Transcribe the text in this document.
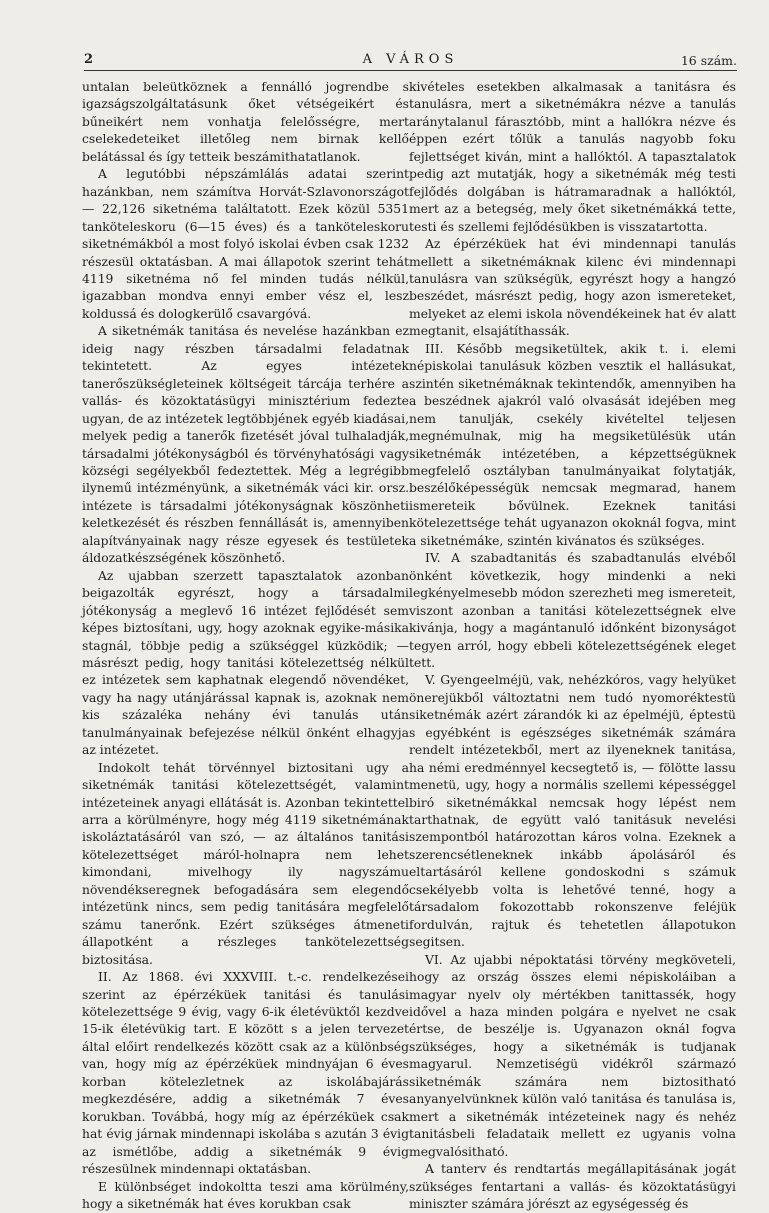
2	A VÁROS	16 szám.

untalan beleütköznek a fennálló jogrendbe s igazságszolgáltatásunk őket vétségeikért és bűneikért nem vonhatja felelősségre, mert cselekedeteiket illetőleg nem birnak kellő belátással és így tetteik beszámithatatlanok.

A legutóbbi népszámlálás adatai szerint hazánkban, nem számítva Horvát-Szlavonországot — 22,126 siketnéma találtatott. Ezek közül 5351 tanköteleskoru (6—15 éves) és a tanköteleskoru siketnémákból a most folyó iskolai évben csak 1232 részesül oktatásban. A mai állapotok szerint tehát 4119 siketnéma nő fel minden tudás nélkül, igazabban mondva ennyi ember vész el, lesz koldussá és dologkerülő csavargóvá.

A siketnémák tanitása és nevelése hazánkban ez ideig nagy részben társadalmi feladatnak tekintetett. Az egyes intézetek tanerőszükségleteinek költségeit tárcája terhére a vallás- és közoktatásügyi minisztérium fedezte ugyan, de az intézetek legtöbbjének egyéb kiadásai, melyek pedig a tanerők fizetését jóval tulhaladják, társadalmi jótékonyságból és törvényhatósági vagy községi segélyekből fedeztettek. Még a legrégibb ilynemű intézményünk, a siketnémák váci kir. orsz. intézete is társadalmi jótékonyságnak köszönheti keletkezését és részben fennállását is, amennyiben alapítványainak nagy része egyesek és testületek áldozatkészségének köszönhető.

Az ujabban szerzett tapasztalatok azonban beigazolták egyrészt, hogy a társadalmi jótékonyság a meglevő 16 intézet fejlődését sem képes biztosítani, ugy, hogy azoknak egyike-másika stagnál, többje pedig a szükséggel küzködik; — másrészt pedig, hogy tanitási kötelezettség nélkül ez intézetek sem kaphatnak elegendő növendéket, vagy ha nagy utánjárással kapnak is, azoknak nem kis százaléka nehány évi tanulás után tanulmányainak befejezése nélkül önként elhagyja az intézetet.

Indokolt tehát törvénnyel biztositani ugy a siketnémák tanitási kötelezettségét, valamint intézeteinek anyagi ellátását is. Azonban tekintettel arra a körülményre, hogy még 4119 siketnémának iskoláztatásáról van szó, — az általános tanitási kötelezettséget máról-holnapra nem lehet kimondani, mivelhogy ily nagyszámu növendékseregnek befogadására sem elegendő intézetünk nincs, sem pedig tanitására megfelelő számu tanerőnk. Ezért szükséges átmeneti állapotként a részleges tankötelezettség biztositása.

II. Az 1868. évi XXXVIII. t.-c. rendelkezései szerint az épérzéküek tanitási és tanulási kötelezettsége 9 évig, vagy 6-ik életévüktől kezdve 15-ik életévükig tart. E között s a jelen tervezet által előirt rendelkezés között csak az a különbség van, hogy míg az épérzéküek mindnyájan 6 éves korban kötelezletnek az iskolábajárás megkezdésére, addig a siketnémák 7 éves korukban. Továbbá, hogy míg az épérzéküek csak hat évig járnak mindennapi iskolába s azután 3 évig az ismétlőbe, addig a siketnémák 9 évig részesülnek mindennapi oktatásban.

E különbséget indokoltta teszi ama körülmény, hogy a siketnémák hat éves korukban csak

kivételes esetekben alkalmasak a tanitásra és tanulásra, mert a siketnémákra nézve a tanulás aránytalanul fárasztóbb, mint a hallókra nézve és éppen ezért tőlük a tanulás nagyobb foku fejlettséget kiván, mint a hallóktól. A tapasztalatok pedig azt mutatják, hogy a siketnémák még testi fejlődés dolgában is hátramaradnak a hallóktól, mert az a betegség, mely őket siketnémákká tette, testi és szellemi fejlődésükben is visszatartotta.

Az épérzéküek hat évi mindennapi tanulás mellett a siketnémáknak kilenc évi mindennapi tanulásra van szükségük, egyrészt hogy a hangzó beszédet, másrészt pedig, hogy azon ismereteket, melyeket az elemi iskola növendékeinek hat év alatt megtanit, elsajátíthassák.

III. Később megsiketültek, akik t. i. elemi népiskolai tanulásuk közben vesztik el hallásukat, szintén siketnémáknak tekintendők, amennyiben ha a beszédnek ajakról való olvasását idejében meg nem tanulják, csekély kivételtel teljesen megnémulnak, mig ha megsiketülésük után siketnémák intézetében, a képzettségüknek megfelelő osztályban tanulmányaikat folytatják, beszélőképességük nemcsak megmarad, hanem ismereteik bővülnek. Ezeknek tanitási kötelezettsége tehát ugyanazon okoknál fogva, mint a siketnémáke, szintén kivánatos és szükséges.

IV. A szabadtanitás és szabadtanulás elvéből önként következik, hogy mindenki a neki legkényelmesebb módon szerezheti meg ismereteit, viszont azonban a tanitási kötelezettségnek elve kivánja, hogy a magántanuló időnként bizonyságot tegyen arról, hogy ebbeli kötelezettségének eleget tett.

V. Gyengeelméjü, vak, nehézkóros, vagy helyüket önerejükből változtatni nem tudó nyomoréktestü siketnémák azért zárandók ki az épelméjü, éptestü s egyébként is egészséges siketnémák számára rendelt intézetekből, mert az ilyeneknek tanitása, ha némi eredménnyel kecsegtető is, — fölötte lassu menetü, ugy, hogy a normális szellemi képességgel biró siketnémákkal nemcsak hogy lépést nem tarthatnak, de együtt való tanitásuk nevelési szempontból határozottan káros volna. Ezeknek a szerencsétleneknek inkább ápolásáról és eltartásáról kellene gondoskodni s számuk csekélyebb volta is lehetővé tenné, hogy a társadalom fokozottabb rokonszenve feléjük fordulván, rajtuk és tehetetlen állapotukon segitsen.

VI. Az ujabbi népoktatási törvény megköveteli, hogy az ország összes elemi népiskoláiban a magyar nyelv oly mértékben tanittassék, hogy idővel a haza minden polgára e nyelvet ne csak értse, de beszélje is. Ugyanazon oknál fogva szükséges, hogy a siketnémák is tudjanak magyarul. Nemzetiségü vidékről származó siketnémák számára nem biztositható anyanyelvünknek külön való tanitása és tanulása is, mert a siketnémák intézeteinek nagy és nehéz tanitásbeli feladataik mellett ez ugyanis volna megvalósitható.

A tanterv és rendtartás megállapitásának jogát szükséges fentartani a vallás- és közoktatásügyi miniszter számára jórészt az egységesség és
